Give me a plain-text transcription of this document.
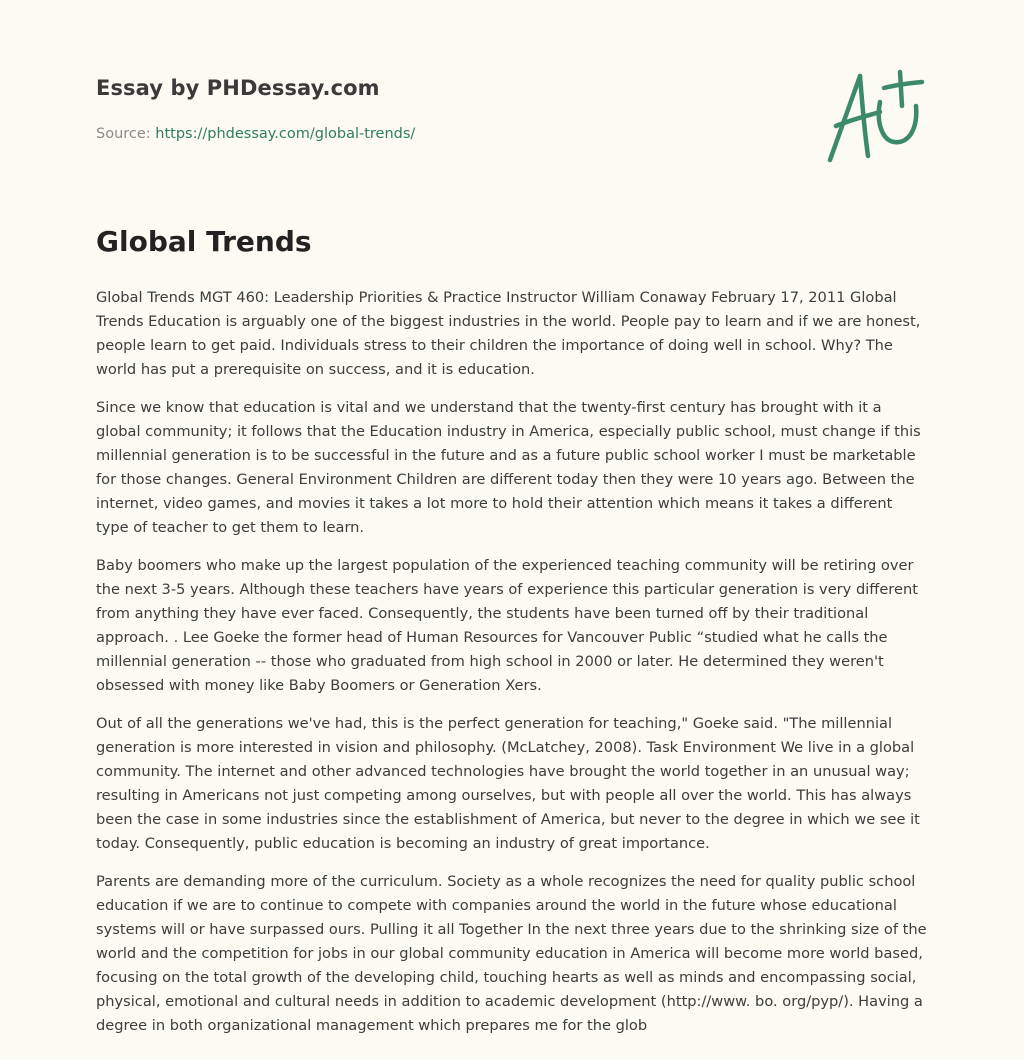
Essay by PHDessay.com
Source: https://phdessay.com/global-trends/
Global Trends

Global Trends MGT 460: Leadership Priorities & Practice Instructor William Conaway February 17, 2011 Global Trends Education is arguably one of the biggest industries in the world. People pay to learn and if we are honest, people learn to get paid. Individuals stress to their children the importance of doing well in school. Why? The world has put a prerequisite on success, and it is education.

Since we know that education is vital and we understand that the twenty-first century has brought with it a global community; it follows that the Education industry in America, especially public school, must change if this millennial generation is to be successful in the future and as a future public school worker I must be marketable for those changes. General Environment Children are different today then they were 10 years ago. Between the internet, video games, and movies it takes a lot more to hold their attention which means it takes a different type of teacher to get them to learn.

Baby boomers who make up the largest population of the experienced teaching community will be retiring over the next 3-5 years. Although these teachers have years of experience this particular generation is very different from anything they have ever faced. Consequently, the students have been turned off by their traditional approach. . Lee Goeke the former head of Human Resources for Vancouver Public “studied what he calls the millennial generation -- those who graduated from high school in 2000 or later. He determined they weren't obsessed with money like Baby Boomers or Generation Xers.

Out of all the generations we've had, this is the perfect generation for teaching," Goeke said. "The millennial generation is more interested in vision and philosophy. (McLatchey, 2008). Task Environment We live in a global community. The internet and other advanced technologies have brought the world together in an unusual way; resulting in Americans not just competing among ourselves, but with people all over the world. This has always been the case in some industries since the establishment of America, but never to the degree in which we see it today. Consequently, public education is becoming an industry of great importance.

Parents are demanding more of the curriculum. Society as a whole recognizes the need for quality public school education if we are to continue to compete with companies around the world in the future whose educational systems will or have surpassed ours. Pulling it all Together In the next three years due to the shrinking size of the world and the competition for jobs in our global community education in America will become more world based, focusing on the total growth of the developing child, touching hearts as well as minds and encompassing social, physical, emotional and cultural needs in addition to academic development (http://www. bo. org/pyp/). Having a degree in both organizational management which prepares me for the glob
